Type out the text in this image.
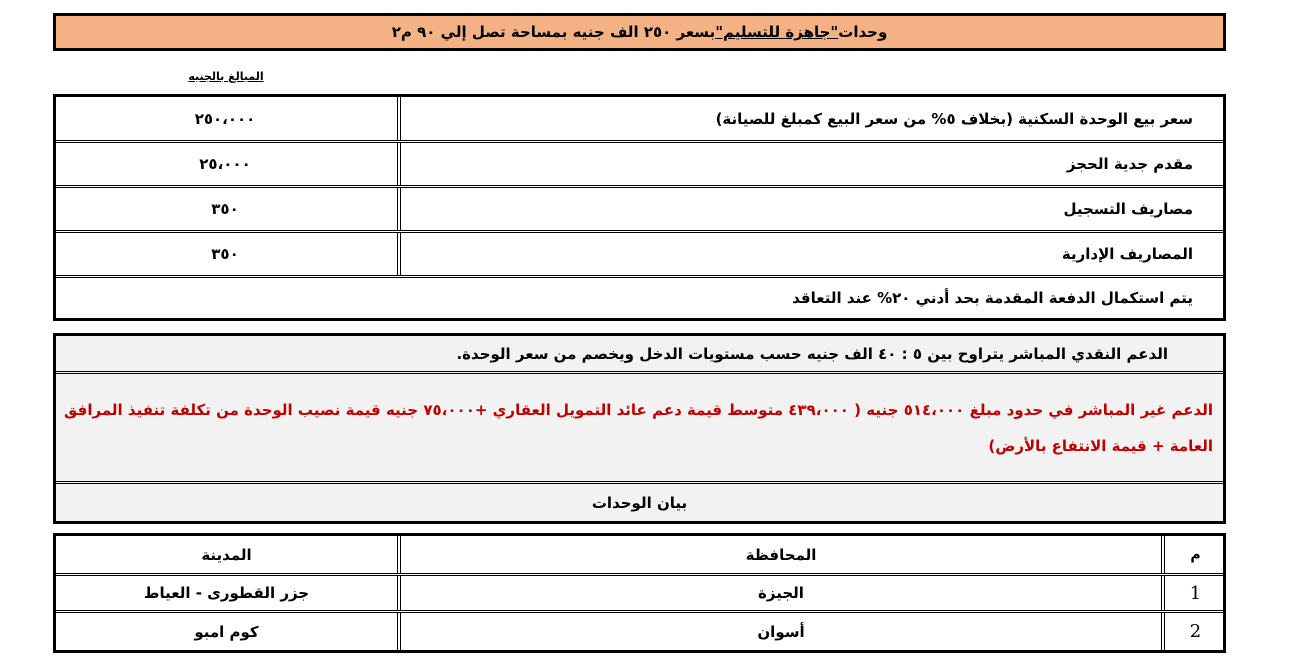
وحدات
"جاهزة للتسليم"
بسعر ٢٥٠ الف جنيه بمساحة تصل إلي ٩٠ م٢
المبالغ بالجنيه
سعر بيع الوحدة السكنية (بخلاف ٥% من سعر البيع كمبلغ للصيانة)
٢٥٠،٠٠٠
مقدم جدية الحجز
٢٥،٠٠٠
مصاريف التسجيل
٣٥٠
المصاريف الإدارية
٣٥٠
يتم استكمال الدفعة المقدمة بحد أدني ٢٠% عند التعاقد
الدعم النقدي المباشر يتراوح بين ٥ : ٤٠ الف جنيه حسب مستويات الدخل ويخصم من سعر الوحدة.
الدعم غير المباشر في حدود مبلغ ٥١٤،٠٠٠ جنيه ( ٤٣٩،٠٠٠ متوسط قيمة دعم عائد التمويل العقاري +٧٥،٠٠٠ جنيه قيمة نصيب الوحدة من تكلفة تنفيذ المرافق العامة + قيمة الانتفاع بالأرض)
بيان الوحدات
م
المحافظة
المدينة
1
الجيزة
جزر القطورى - العياط
2
أسوان
كوم امبو
